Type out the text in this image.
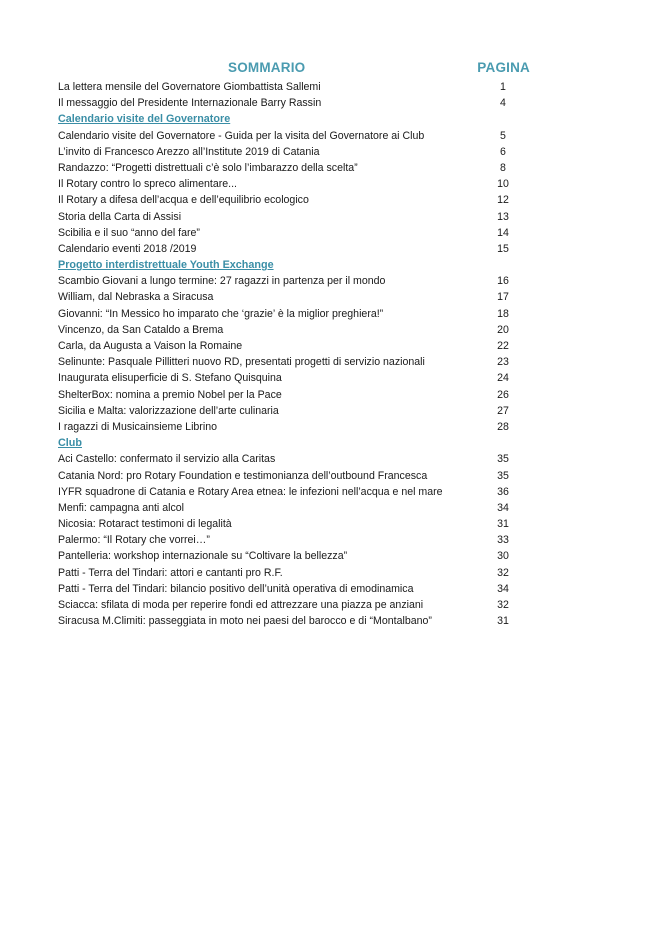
SOMMARIO	PAGINA
La lettera mensile del Governatore Giombattista Sallemi	1
Il messaggio del Presidente Internazionale Barry Rassin	4
Calendario visite del Governatore
Calendario visite del Governatore - Guida per la visita del Governatore ai Club	5
L’invito di Francesco Arezzo all’Institute 2019 di Catania	6
Randazzo: “Progetti distrettuali c’è solo l’imbarazzo della scelta”	8
Il Rotary contro lo spreco alimentare...	10
Il Rotary a difesa dell’acqua e dell’equilibrio ecologico	12
Storia della Carta di Assisi	13
Scibilia e il suo “anno del fare”	14
Calendario eventi 2018 /2019	15
Progetto interdistrettuale Youth Exchange
Scambio Giovani a lungo termine: 27 ragazzi in partenza per il mondo	16
William, dal Nebraska a Siracusa	17
Giovanni: “In Messico ho imparato che ‘grazie’ è la miglior preghiera!”	18
Vincenzo, da San Cataldo a Brema	20
Carla, da Augusta a Vaison la Romaine	22
Selinunte: Pasquale Pillitteri nuovo RD, presentati progetti di servizio nazionali	23
Inaugurata elisuperficie di S. Stefano Quisquina	24
ShelterBox: nomina a premio Nobel per la Pace	26
Sicilia e Malta: valorizzazione dell’arte culinaria	27
I ragazzi di Musicainsieme Librino	28
Club
Aci Castello: confermato il servizio alla Caritas	35
Catania Nord: pro Rotary Foundation e testimonianza dell’outbound Francesca	35
IYFR squadrone di Catania e Rotary Area etnea: le infezioni nell’acqua e nel mare	36
Menfi: campagna anti alcol	34
Nicosia: Rotaract testimoni di legalità	31
Palermo: “Il Rotary che vorrei…”	33
Pantelleria: workshop internazionale su “Coltivare la bellezza”	30
Patti - Terra del Tindari: attori e cantanti pro R.F.	32
Patti - Terra del Tindari: bilancio positivo dell’unità operativa di emodinamica	34
Sciacca: sfilata di moda per reperire fondi ed attrezzare una piazza pe anziani	32
Siracusa M.Climiti: passeggiata in moto nei paesi del barocco e di “Montalbano”	31
